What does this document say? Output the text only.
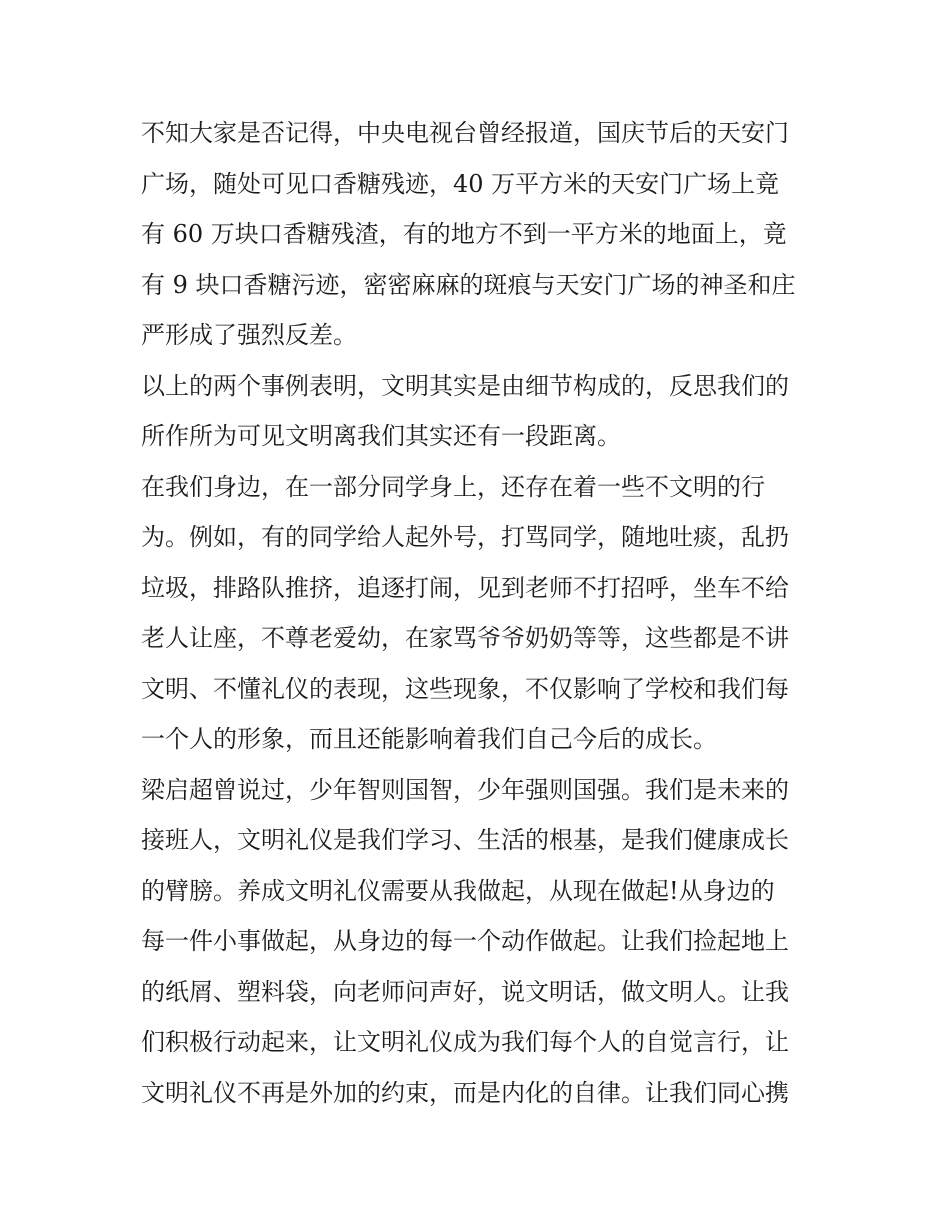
不知大家是否记得，中央电视台曾经报道，国庆节后的天安门
广场，随处可见口香糖残迹，40 万平方米的天安门广场上竟
有 60 万块口香糖残渣，有的地方不到一平方米的地面上，竟
有 9 块口香糖污迹，密密麻麻的斑痕与天安门广场的神圣和庄
严形成了强烈反差。
以上的两个事例表明，文明其实是由细节构成的，反思我们的
所作所为可见文明离我们其实还有一段距离。
在我们身边，在一部分同学身上，还存在着一些不文明的行
为。例如，有的同学给人起外号，打骂同学，随地吐痰，乱扔
垃圾，排路队推挤，追逐打闹，见到老师不打招呼，坐车不给
老人让座，不尊老爱幼，在家骂爷爷奶奶等等，这些都是不讲
文明、不懂礼仪的表现，这些现象，不仅影响了学校和我们每
一个人的形象，而且还能影响着我们自己今后的成长。
梁启超曾说过，少年智则国智，少年强则国强。我们是未来的
接班人，文明礼仪是我们学习、生活的根基，是我们健康成长
的臂膀。养成文明礼仪需要从我做起，从现在做起!从身边的
每一件小事做起，从身边的每一个动作做起。让我们捡起地上
的纸屑、塑料袋，向老师问声好，说文明话，做文明人。让我
们积极行动起来，让文明礼仪成为我们每个人的自觉言行，让
文明礼仪不再是外加的约束，而是内化的自律。让我们同心携
